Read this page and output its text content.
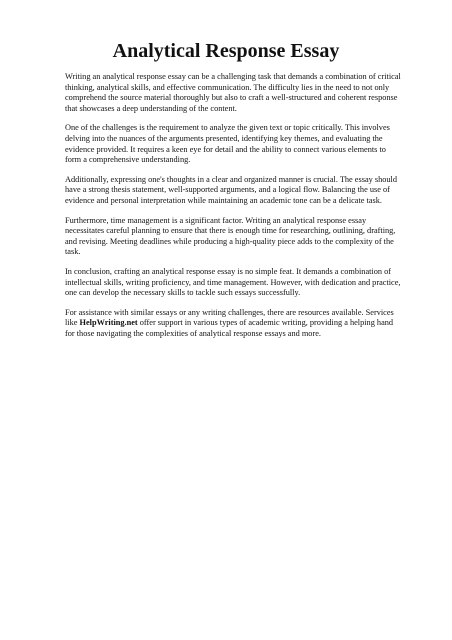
Analytical Response Essay

Writing an analytical response essay can be a challenging task that demands a combination of critical thinking, analytical skills, and effective communication. The difficulty lies in the need to not only comprehend the source material thoroughly but also to craft a well-structured and coherent response that showcases a deep understanding of the content.

One of the challenges is the requirement to analyze the given text or topic critically. This involves delving into the nuances of the arguments presented, identifying key themes, and evaluating the evidence provided. It requires a keen eye for detail and the ability to connect various elements to form a comprehensive understanding.

Additionally, expressing one's thoughts in a clear and organized manner is crucial. The essay should have a strong thesis statement, well-supported arguments, and a logical flow. Balancing the use of evidence and personal interpretation while maintaining an academic tone can be a delicate task.

Furthermore, time management is a significant factor. Writing an analytical response essay necessitates careful planning to ensure that there is enough time for researching, outlining, drafting, and revising. Meeting deadlines while producing a high-quality piece adds to the complexity of the task.

In conclusion, crafting an analytical response essay is no simple feat. It demands a combination of intellectual skills, writing proficiency, and time management. However, with dedication and practice, one can develop the necessary skills to tackle such essays successfully.

For assistance with similar essays or any writing challenges, there are resources available. Services like HelpWriting.net offer support in various types of academic writing, providing a helping hand for those navigating the complexities of analytical response essays and more.
